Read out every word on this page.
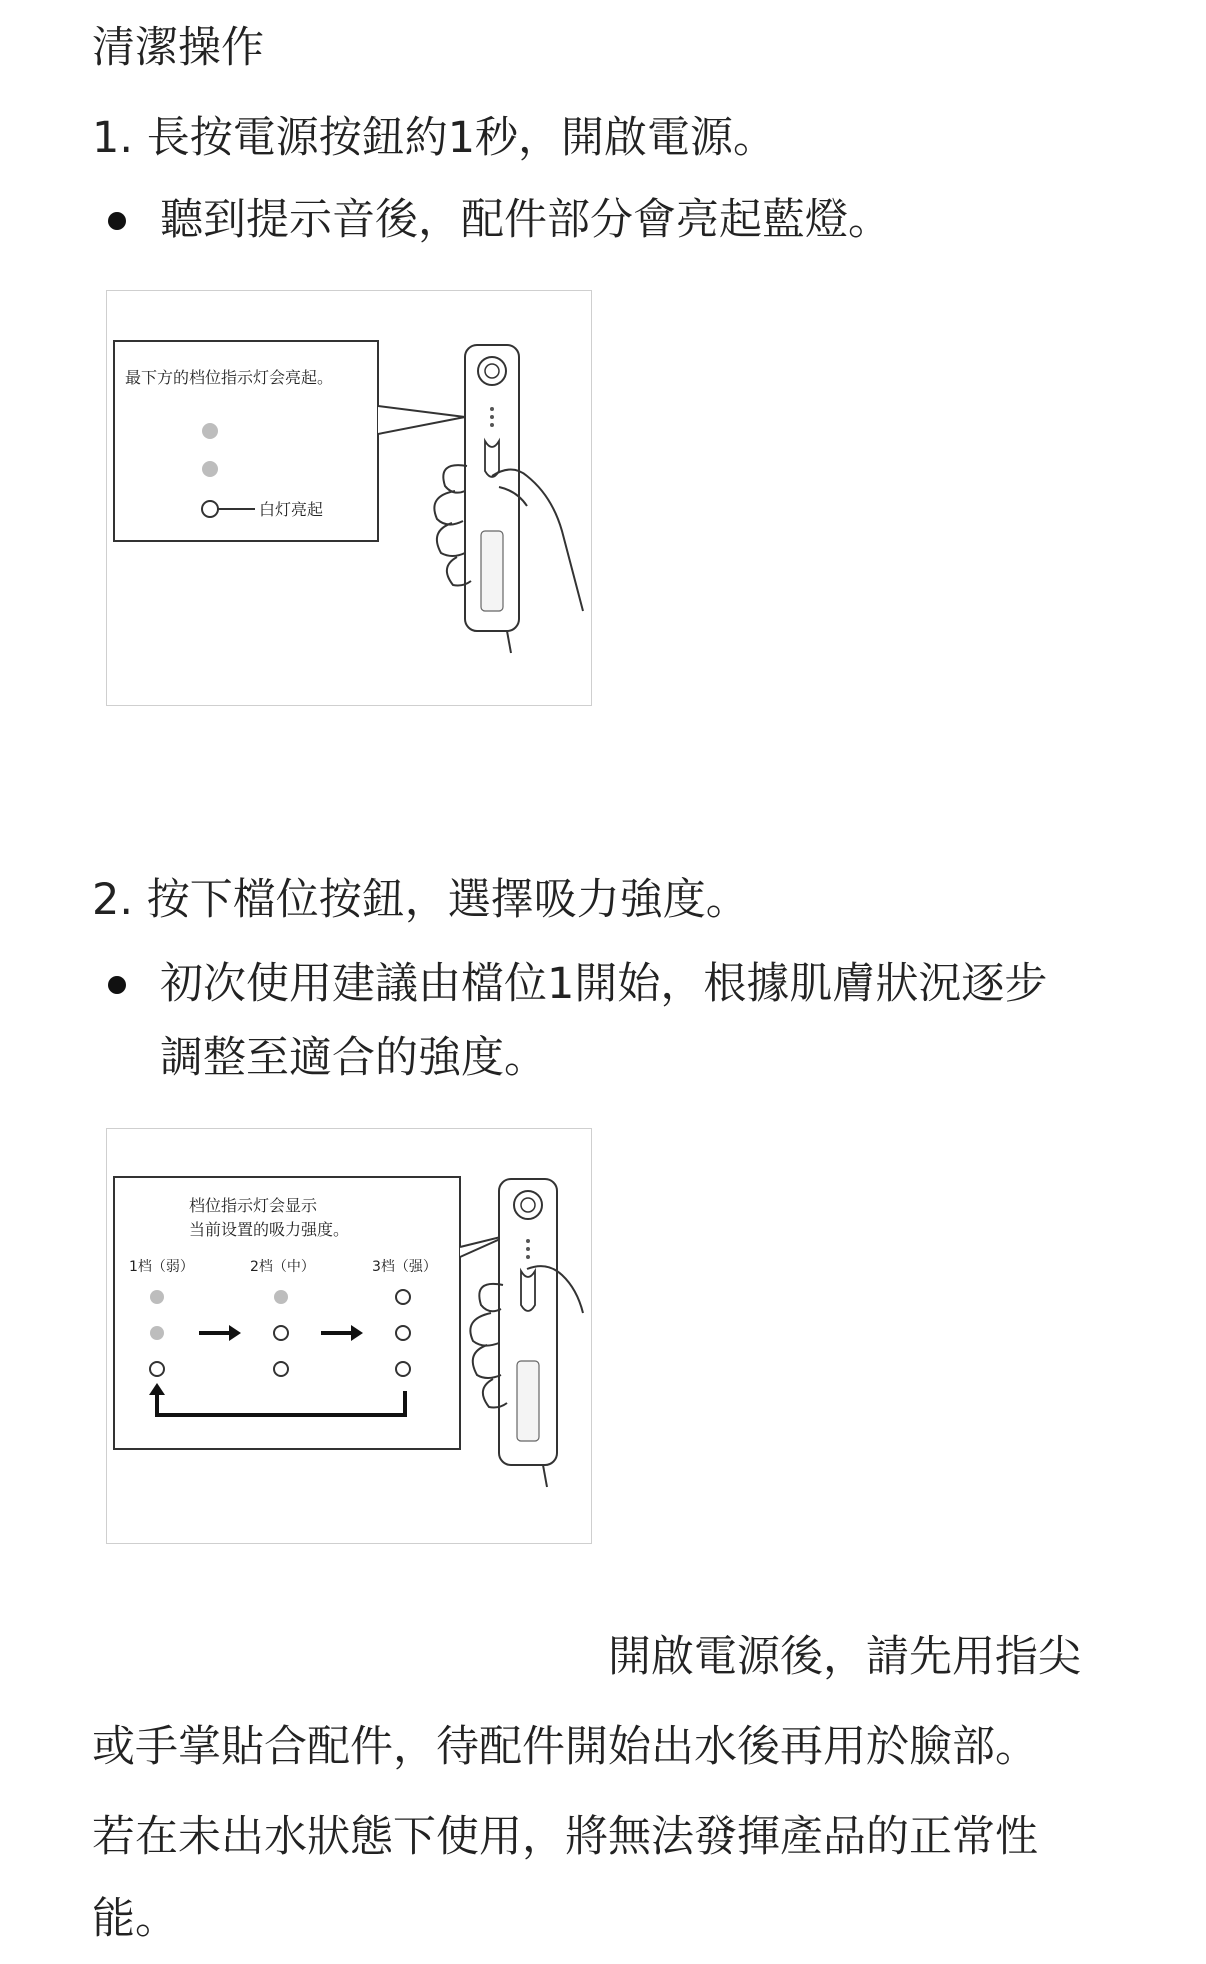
清潔操作
1. 長按電源按鈕約1秒，開啟電源。
聽到提示音後，配件部分會亮起藍燈。
最下方的档位指示灯会亮起。
白灯亮起
2. 按下檔位按鈕，選擇吸力強度。
初次使用建議由檔位1開始，根據肌膚狀況逐步
調整至適合的強度。
档位指示灯会显示
当前设置的吸力强度。
1档（弱）	2档（中）	3档（强）
開啟電源後，請先用指尖
或手掌貼合配件，待配件開始出水後再用於臉部。
若在未出水狀態下使用，將無法發揮產品的正常性
能。
